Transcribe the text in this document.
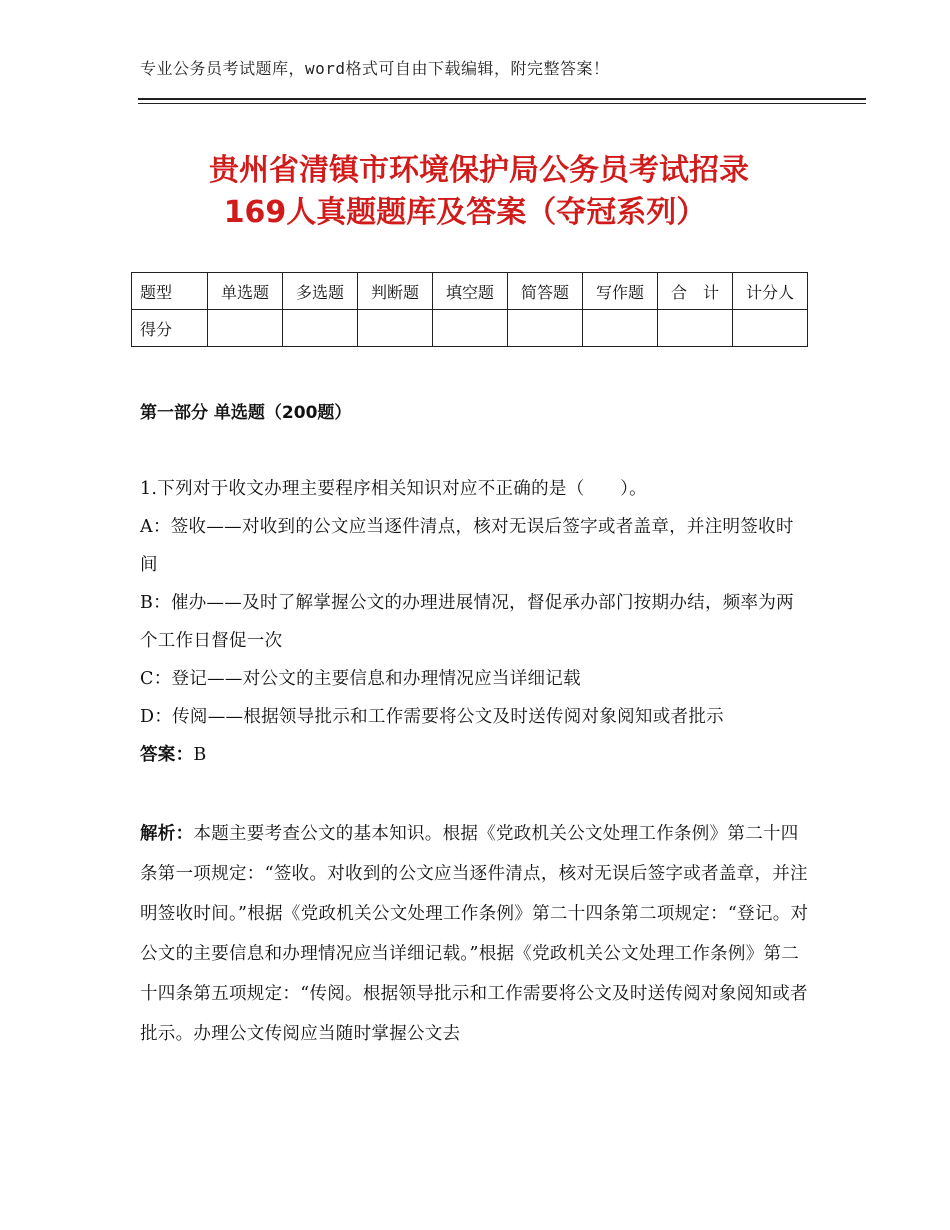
专业公务员考试题库，word格式可自由下载编辑，附完整答案！
贵州省清镇市环境保护局公务员考试招录
169人真题题库及答案（夺冠系列）
题型	单选题	多选题	判断题	填空题	简答题	写作题	合　计	计分人
得分								
第一部分 单选题（200题）

1.下列对于收文办理主要程序相关知识对应不正确的是（　　）。

A：签收——对收到的公文应当逐件清点，核对无误后签字或者盖章，并注明签收时间

B：催办——及时了解掌握公文的办理进展情况，督促承办部门按期办结，频率为两个工作日督促一次

C：登记——对公文的主要信息和办理情况应当详细记载

D：传阅——根据领导批示和工作需要将公文及时送传阅对象阅知或者批示

答案：B

解析：本题主要考查公文的基本知识。根据《党政机关公文处理工作条例》第二十四条第一项规定：“签收。对收到的公文应当逐件清点，核对无误后签字或者盖章，并注明签收时间。”根据《党政机关公文处理工作条例》第二十四条第二项规定：“登记。对公文的主要信息和办理情况应当详细记载。”根据《党政机关公文处理工作条例》第二十四条第五项规定：“传阅。根据领导批示和工作需要将公文及时送传阅对象阅知或者批示。办理公文传阅应当随时掌握公文去
